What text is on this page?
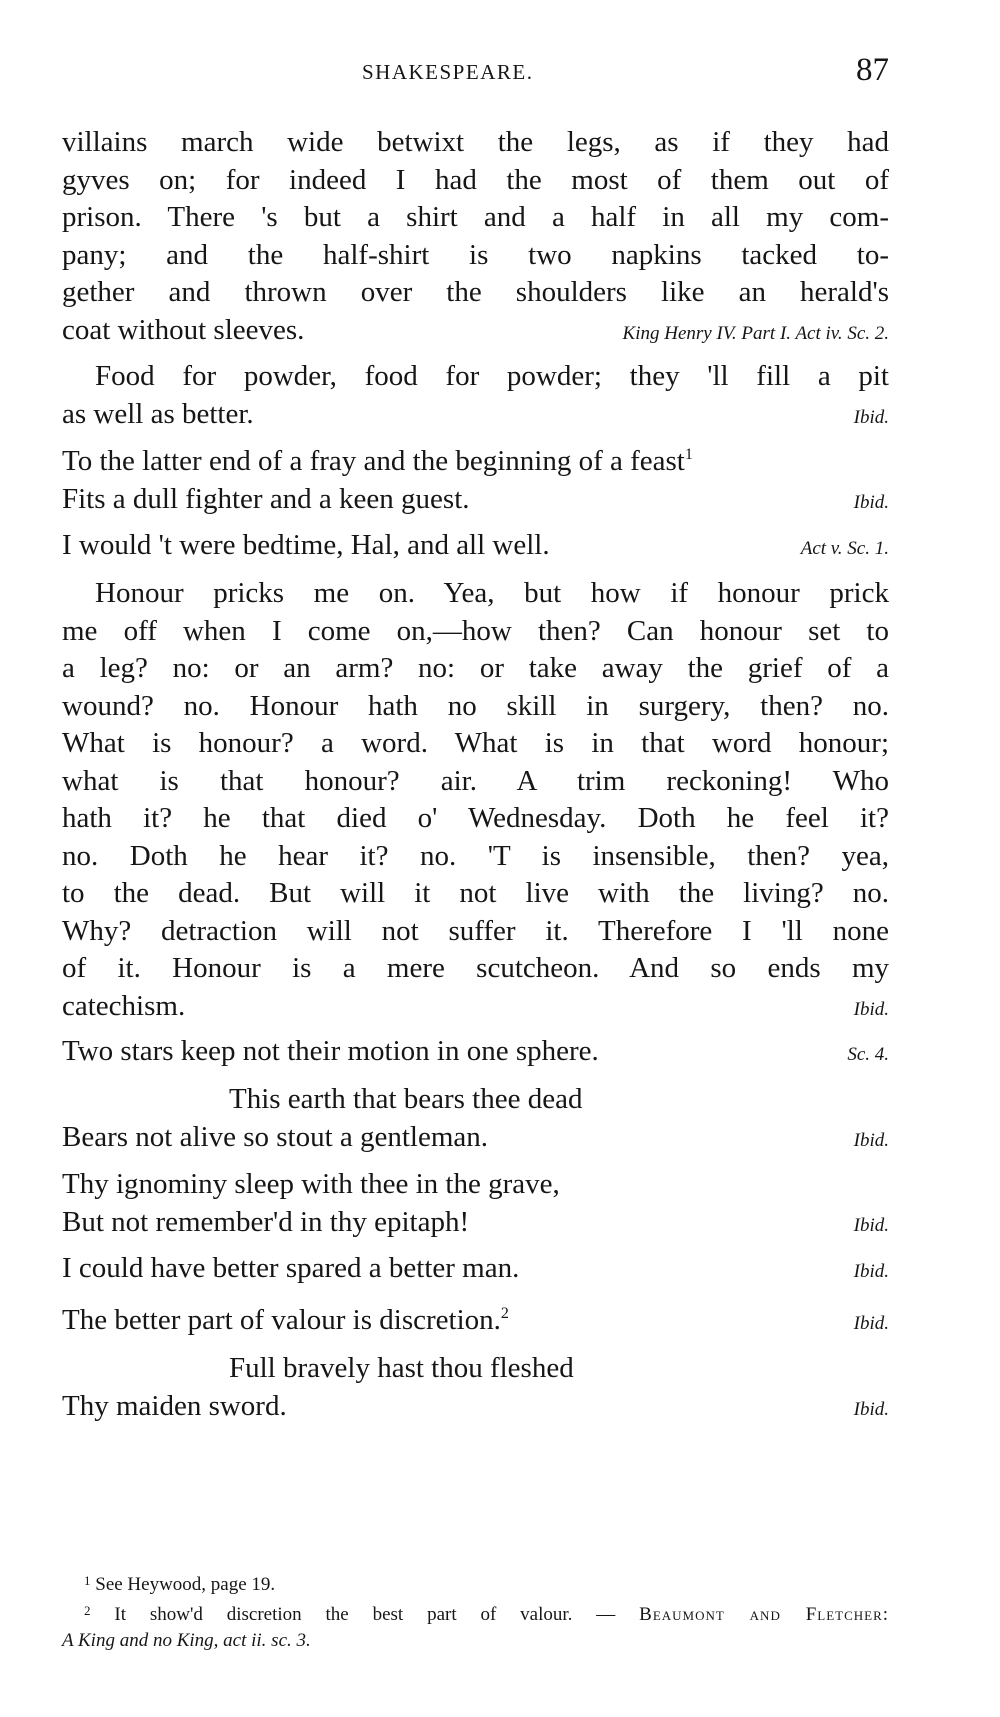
SHAKESPEARE.	87
villains march wide betwixt the legs, as if they had
gyves on; for indeed I had the most of them out of
prison. There 's but a shirt and a half in all my com-
pany; and the half-shirt is two napkins tacked to-
gether and thrown over the shoulders like an herald's
coat without sleeves.	King Henry IV. Part I. Act iv. Sc. 2.
Food for powder, food for powder; they 'll fill a pit
as well as better.	Ibid.
To the latter end of a fray and the beginning of a feast$^1$
Fits a dull fighter and a keen guest.	Ibid.
I would 't were bedtime, Hal, and all well.	Act v. Sc. 1.
Honour pricks me on. Yea, but how if honour prick
me off when I come on,—how then? Can honour set to
a leg? no: or an arm? no: or take away the grief of a
wound? no. Honour hath no skill in surgery, then? no.
What is honour? a word. What is in that word honour;
what is that honour? air. A trim reckoning! Who
hath it? he that died o' Wednesday. Doth he feel it?
no. Doth he hear it? no. 'T is insensible, then? yea,
to the dead. But will it not live with the living? no.
Why? detraction will not suffer it. Therefore I 'll none
of it. Honour is a mere scutcheon. And so ends my
catechism.	Ibid.
Two stars keep not their motion in one sphere.	Sc. 4.
This earth that bears thee dead
Bears not alive so stout a gentleman.	Ibid.
Thy ignominy sleep with thee in the grave,
But not remember'd in thy epitaph!	Ibid.
I could have better spared a better man.	Ibid.
The better part of valour is discretion.$^2$	Ibid.
Full bravely hast thou fleshed
Thy maiden sword.	Ibid.
$^1$ See Heywood, page 19.
$^2$ It show'd discretion the best part of valour. — Beaumont and Fletcher:
A King and no King, act ii. sc. 3.
